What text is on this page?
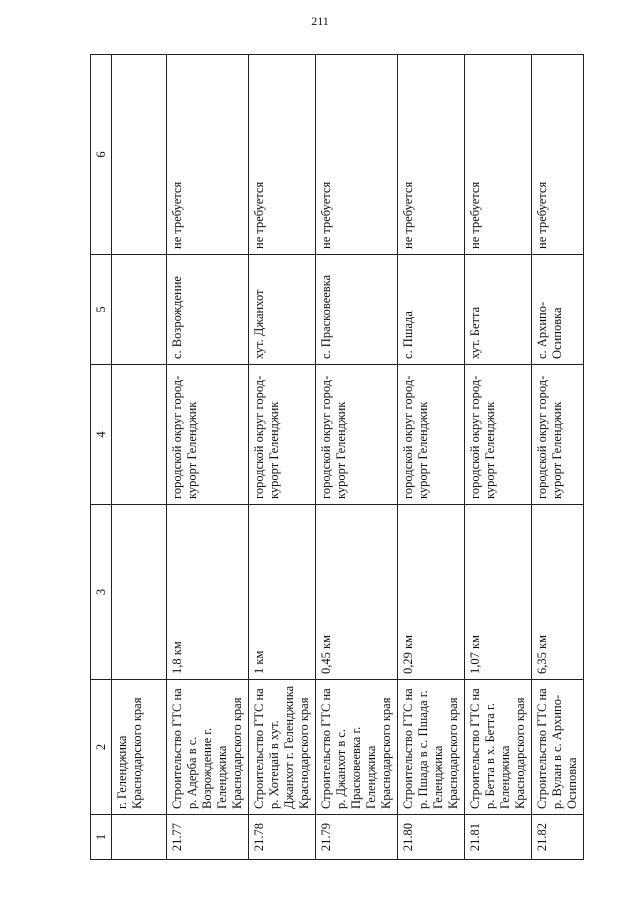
211
1	2	3	4	5	6
	г. Геленджика Краснодарского края				
21.77	Строительство ГТС на р. Адерба в с. Возрождение г. Геленджика Краснодарского края	1,8 км	городской округ город-курорт Геленджик	с. Возрождение	не требуется
21.78	Строительство ГТС на р. Хотецай в хут. Джанхот г. Геленджика Краснодарского края	1 км	городской округ город-курорт Геленджик	хут. Джанхот	не требуется
21.79	Строительство ГТС на р. Джанхот в с. Прасковеевка г. Геленджика Краснодарского края	0,45 км	городской округ город-курорт Геленджик	с. Прасковеевка	не требуется
21.80	Строительство ГТС на р. Пшада в с. Пшада г. Геленджика Краснодарского края	0,29 км	городской округ город-курорт Геленджик	с. Пшада	не требуется
21.81	Строительство ГТС на р. Бетта в х. Бетта г. Геленджика Краснодарского края	1,07 км	городской округ город-курорт Геленджик	хут. Бетта	не требуется
21.82	Строительство ГТС на р. Вулан в с. Архипо-Осиповка	6,35 км	городской округ город-курорт Геленджик	с. Архипо-Осиповка	не требуется
